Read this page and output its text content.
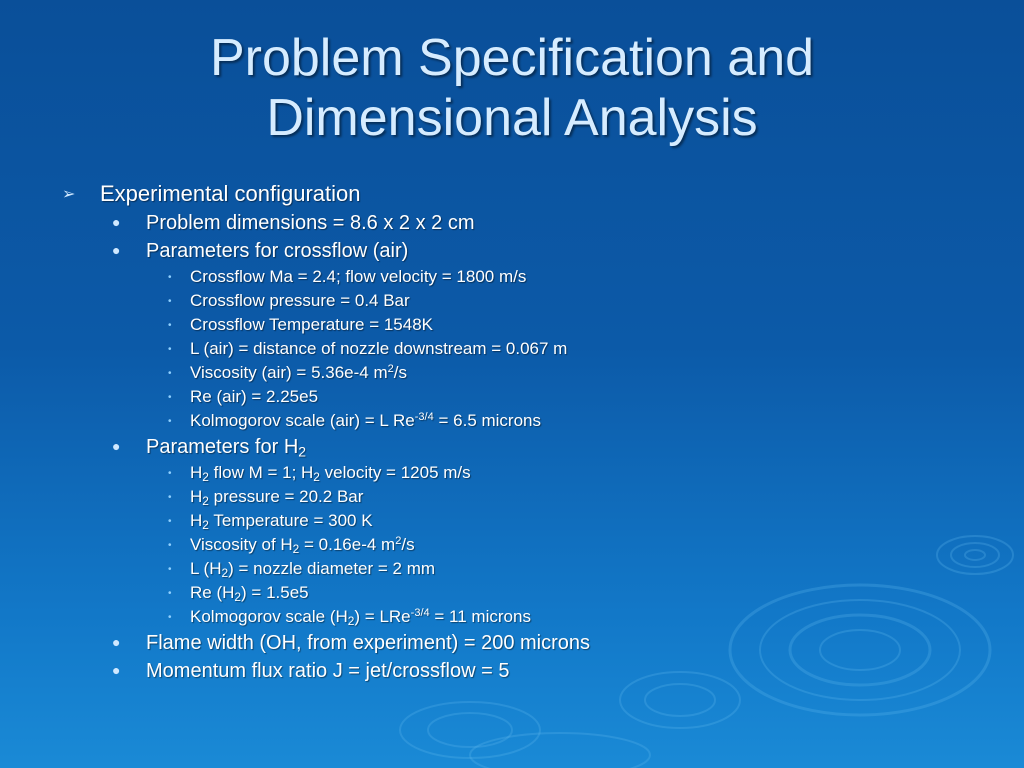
Problem Specification and
Dimensional Analysis
➢ Experimental configuration
● Problem dimensions = 8.6 x 2 x 2 cm
● Parameters for crossflow (air)
• Crossflow Ma = 2.4; flow velocity = 1800 m/s
• Crossflow pressure = 0.4 Bar
• Crossflow Temperature = 1548K
• L (air) = distance of nozzle downstream = 0.067 m
• Viscosity (air) = 5.36e-4 $m^2/s$
• Re (air) = 2.25e5
• Kolmogorov scale (air) = L $Re^{-3/4} = 6.5$ microns
● Parameters for $H_2$
• $H_2$ flow M = 1; $H_2$ velocity = 1205 m/s
• $H_2$ pressure = 20.2 Bar
• $H_2$ Temperature = 300 K
• Viscosity of $H_2 = 0.16e-4$ $m^2/s$
• L $(H_2)$ = nozzle diameter = 2 mm
• Re $(H_2) = 1.5e5$
• Kolmogorov scale $(H_2) = LRe^{-3/4} = 11$ microns
● Flame width (OH, from experiment) = 200 microns
● Momentum flux ratio J = jet/crossflow = 5
